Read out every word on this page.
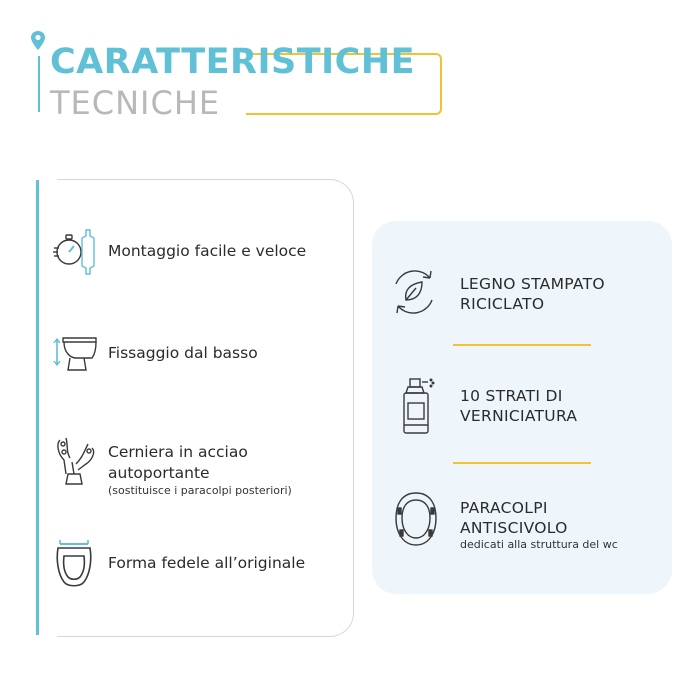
CARATTERISTICHE
TECNICHE
Montaggio facile e veloce
Fissaggio dal basso
Cerniera in acciao
autoportante
(sostituisce i paracolpi posteriori)
Forma fedele all’originale
LEGNO STAMPATO
RICICLATO
10 STRATI DI
VERNICIATURA
PARACOLPI
ANTISCIVOLO
dedicati alla struttura del wc
